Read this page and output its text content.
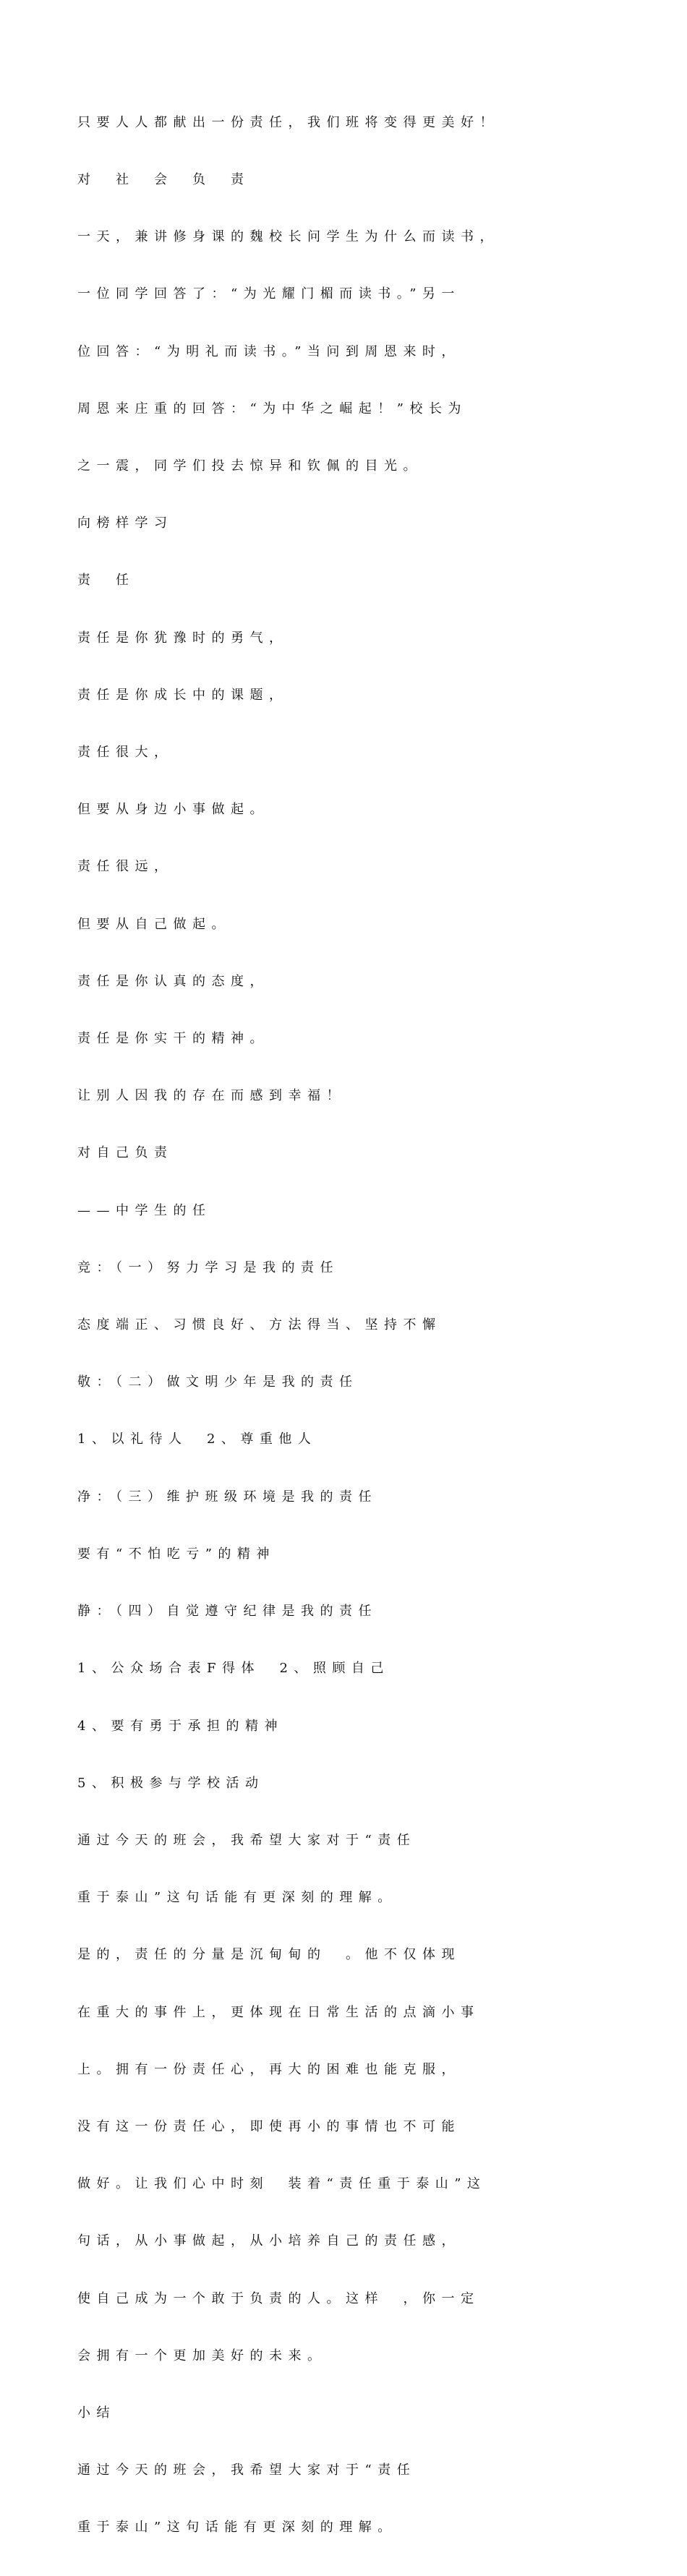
只要人人都献出一份责任，我们班将变得更美好！

对　社　会　负　责

一天，兼讲修身课的魏校长问学生为什么而读书，

一位同学回答了：“为光耀门楣而读书。”另一

位回答：“为明礼而读书。”当问到周恩来时，

周恩来庄重的回答：“为中华之崛起！”校长为

之一震，同学们投去惊异和钦佩的目光。

向榜样学习

责　任

责任是你犹豫时的勇气，

责任是你成长中的课题，

责任很大，

但要从身边小事做起。

责任很远，

但要从自己做起。

责任是你认真的态度，

责任是你实干的精神。

让别人因我的存在而感到幸福！

对自己负责

——中学生的任

竞：（一）努力学习是我的责任

态度端正、习惯良好、方法得当、坚持不懈

敬：（二）做文明少年是我的责任

1、以礼待人　2、尊重他人

净：（三）维护班级环境是我的责任

要有“不怕吃亏”的精神

静：（四）自觉遵守纪律是我的责任

1、公众场合表F得体　2、照顾自己

4、要有勇于承担的精神

5、积极参与学校活动

通过今天的班会，我希望大家对于“责任

重于泰山”这句话能有更深刻的理解。

是的，责任的分量是沉甸甸的　。他不仅体现

在重大的事件上，更体现在日常生活的点滴小事

上。拥有一份责任心，再大的困难也能克服，

没有这一份责任心，即使再小的事情也不可能

做好。让我们心中时刻　装着“责任重于泰山”这

句话，从小事做起，从小培养自己的责任感，

使自己成为一个敢于负责的人。这样　，你一定

会拥有一个更加美好的未来。

小结

通过今天的班会，我希望大家对于“责任

重于泰山”这句话能有更深刻的理解。
